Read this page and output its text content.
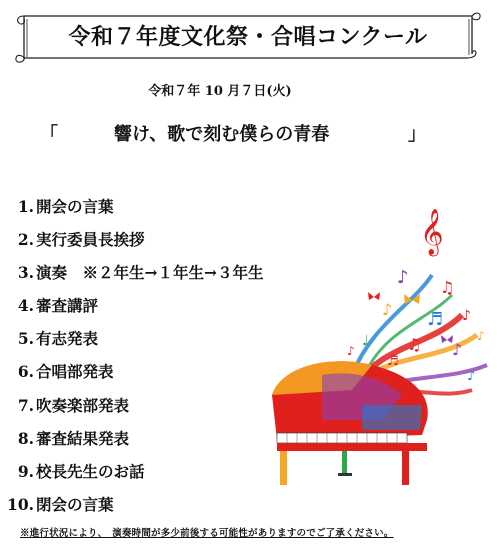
令和７年度文化祭・合唱コンクール
令和７年 10 月７日(火)
「	響け、歌で刻む僕らの青春	」
1. 開会の言葉
2. 実行委員長挨拶
3. 演奏　※２年生→１年生→３年生
4. 審査講評
5. 有志発表
6. 合唱部発表
7. 吹奏楽部発表
8. 審査結果発表
9. 校長先生のお話
10. 閉会の言葉
𝄞
♪ ♫
♪ ♬ ♪
♩ ♫ ♪
♪
♬
♪
♪
※進行状況により、　演奏時間が多少前後する可能性がありますのでご了承ください。
